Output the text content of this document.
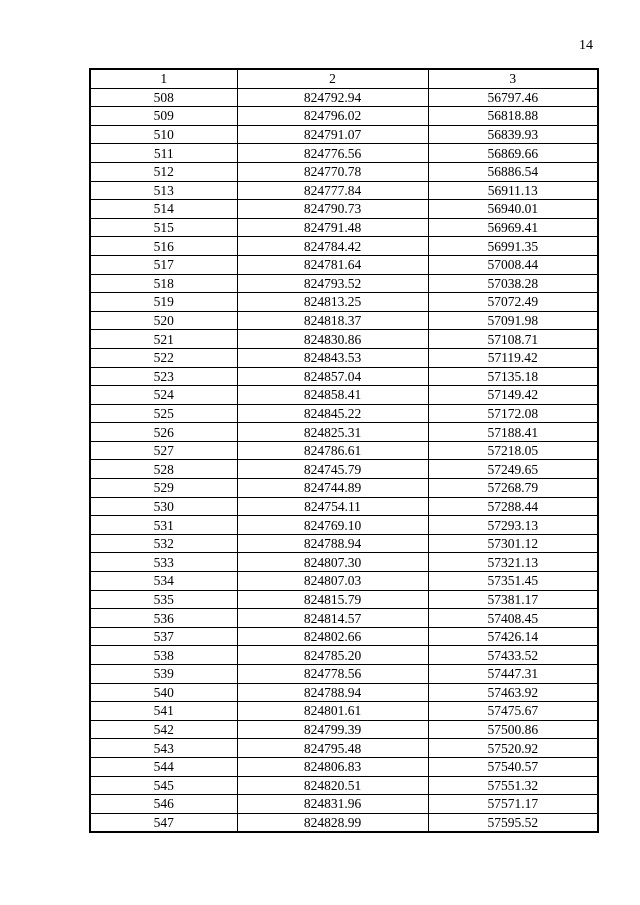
14
1	2	3
508	824792.94	56797.46
509	824796.02	56818.88
510	824791.07	56839.93
511	824776.56	56869.66
512	824770.78	56886.54
513	824777.84	56911.13
514	824790.73	56940.01
515	824791.48	56969.41
516	824784.42	56991.35
517	824781.64	57008.44
518	824793.52	57038.28
519	824813.25	57072.49
520	824818.37	57091.98
521	824830.86	57108.71
522	824843.53	57119.42
523	824857.04	57135.18
524	824858.41	57149.42
525	824845.22	57172.08
526	824825.31	57188.41
527	824786.61	57218.05
528	824745.79	57249.65
529	824744.89	57268.79
530	824754.11	57288.44
531	824769.10	57293.13
532	824788.94	57301.12
533	824807.30	57321.13
534	824807.03	57351.45
535	824815.79	57381.17
536	824814.57	57408.45
537	824802.66	57426.14
538	824785.20	57433.52
539	824778.56	57447.31
540	824788.94	57463.92
541	824801.61	57475.67
542	824799.39	57500.86
543	824795.48	57520.92
544	824806.83	57540.57
545	824820.51	57551.32
546	824831.96	57571.17
547	824828.99	57595.52
